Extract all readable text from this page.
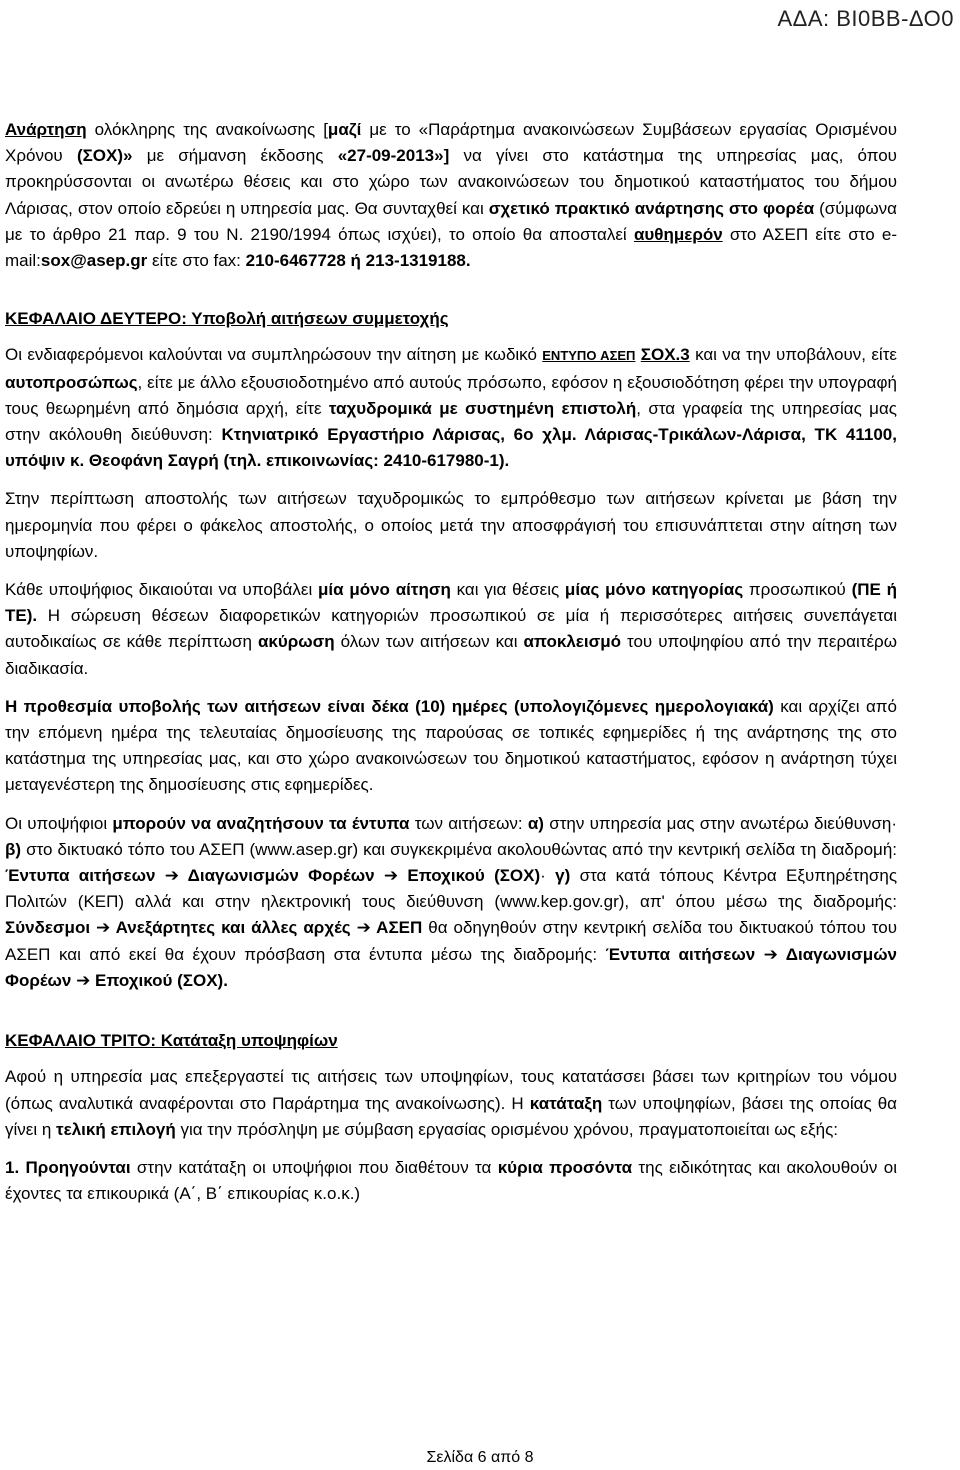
ΑΔΑ: ΒΙ0ΒΒ-ΔΟ0

Ανάρτηση ολόκληρης της ανακοίνωσης [μαζί με το «Παράρτημα ανακοινώσεων Συμβάσεων εργασίας Ορισμένου Χρόνου (ΣΟΧ)» με σήμανση έκδοσης «27-09-2013»] να γίνει στο κατάστημα της υπηρεσίας μας, όπου προκηρύσσονται οι ανωτέρω θέσεις και στο χώρο των ανακοινώσεων του δημοτικού καταστήματος του δήμου Λάρισας, στον οποίο εδρεύει η υπηρεσία μας. Θα συνταχθεί και σχετικό πρακτικό ανάρτησης στο φορέα (σύμφωνα με το άρθρο 21 παρ. 9 του Ν. 2190/1994 όπως ισχύει), το οποίο θα αποσταλεί αυθημερόν στο ΑΣΕΠ είτε στο e-mail:sox@asep.gr είτε στο fax: 210-6467728 ή 213-1319188.

ΚΕΦΑΛΑΙΟ ΔΕΥΤΕΡΟ: Υποβολή αιτήσεων συμμετοχής

Οι ενδιαφερόμενοι καλούνται να συμπληρώσουν την αίτηση με κωδικό ΕΝΤΥΠΟ ΑΣΕΠ ΣΟΧ.3 και να την υποβάλουν, είτε αυτοπροσώπως, είτε με άλλο εξουσιοδοτημένο από αυτούς πρόσωπο, εφόσον η εξουσιοδότηση φέρει την υπογραφή τους θεωρημένη από δημόσια αρχή, είτε ταχυδρομικά με συστημένη επιστολή, στα γραφεία της υπηρεσίας μας στην ακόλουθη διεύθυνση: Κτηνιατρικό Εργαστήριο Λάρισας, 6ο χλμ. Λάρισας-Τρικάλων-Λάρισα, ΤΚ 41100, υπόψιν κ. Θεοφάνη Σαγρή (τηλ. επικοινωνίας: 2410-617980-1).

Στην περίπτωση αποστολής των αιτήσεων ταχυδρομικώς το εμπρόθεσμο των αιτήσεων κρίνεται με βάση την ημερομηνία που φέρει ο φάκελος αποστολής, ο οποίος μετά την αποσφράγισή του επισυνάπτεται στην αίτηση των υποψηφίων.

Κάθε υποψήφιος δικαιούται να υποβάλει μία μόνο αίτηση και για θέσεις μίας μόνο κατηγορίας προσωπικού (ΠΕ ή ΤΕ). Η σώρευση θέσεων διαφορετικών κατηγοριών προσωπικού σε μία ή περισσότερες αιτήσεις συνεπάγεται αυτοδικαίως σε κάθε περίπτωση ακύρωση όλων των αιτήσεων και αποκλεισμό του υποψηφίου από την περαιτέρω διαδικασία.

Η προθεσμία υποβολής των αιτήσεων είναι δέκα (10) ημέρες (υπολογιζόμενες ημερολογιακά) και αρχίζει από την επόμενη ημέρα της τελευταίας δημοσίευσης της παρούσας σε τοπικές εφημερίδες ή της ανάρτησης της στο κατάστημα της υπηρεσίας μας, και στο χώρο ανακοινώσεων του δημοτικού καταστήματος, εφόσον η ανάρτηση τύχει μεταγενέστερη της δημοσίευσης στις εφημερίδες.

Οι υποψήφιοι μπορούν να αναζητήσουν τα έντυπα των αιτήσεων: α) στην υπηρεσία μας στην ανωτέρω διεύθυνση· β) στο δικτυακό τόπο του ΑΣΕΠ (www.asep.gr) και συγκεκριμένα ακολουθώντας από την κεντρική σελίδα τη διαδρομή: Έντυπα αιτήσεων ➔ Διαγωνισμών Φορέων ➔ Εποχικού (ΣΟΧ)· γ) στα κατά τόπους Κέντρα Εξυπηρέτησης Πολιτών (ΚΕΠ) αλλά και στην ηλεκτρονική τους διεύθυνση (www.kep.gov.gr), απ' όπου μέσω της διαδρομής: Σύνδεσμοι ➔ Ανεξάρτητες και άλλες αρχές ➔ ΑΣΕΠ θα οδηγηθούν στην κεντρική σελίδα του δικτυακού τόπου του ΑΣΕΠ και από εκεί θα έχουν πρόσβαση στα έντυπα μέσω της διαδρομής: Έντυπα αιτήσεων ➔ Διαγωνισμών Φορέων ➔ Εποχικού (ΣΟΧ).

ΚΕΦΑΛΑΙΟ ΤΡΙΤΟ: Κατάταξη υποψηφίων

Αφού η υπηρεσία μας επεξεργαστεί τις αιτήσεις των υποψηφίων, τους κατατάσσει βάσει των κριτηρίων του νόμου (όπως αναλυτικά αναφέρονται στο Παράρτημα της ανακοίνωσης). Η κατάταξη των υποψηφίων, βάσει της οποίας θα γίνει η τελική επιλογή για την πρόσληψη με σύμβαση εργασίας ορισμένου χρόνου, πραγματοποιείται ως εξής:

1. Προηγούνται στην κατάταξη οι υποψήφιοι που διαθέτουν τα κύρια προσόντα της ειδικότητας και ακολουθούν οι έχοντες τα επικουρικά (Α΄, Β΄ επικουρίας κ.ο.κ.)

Σελίδα 6 από 8
